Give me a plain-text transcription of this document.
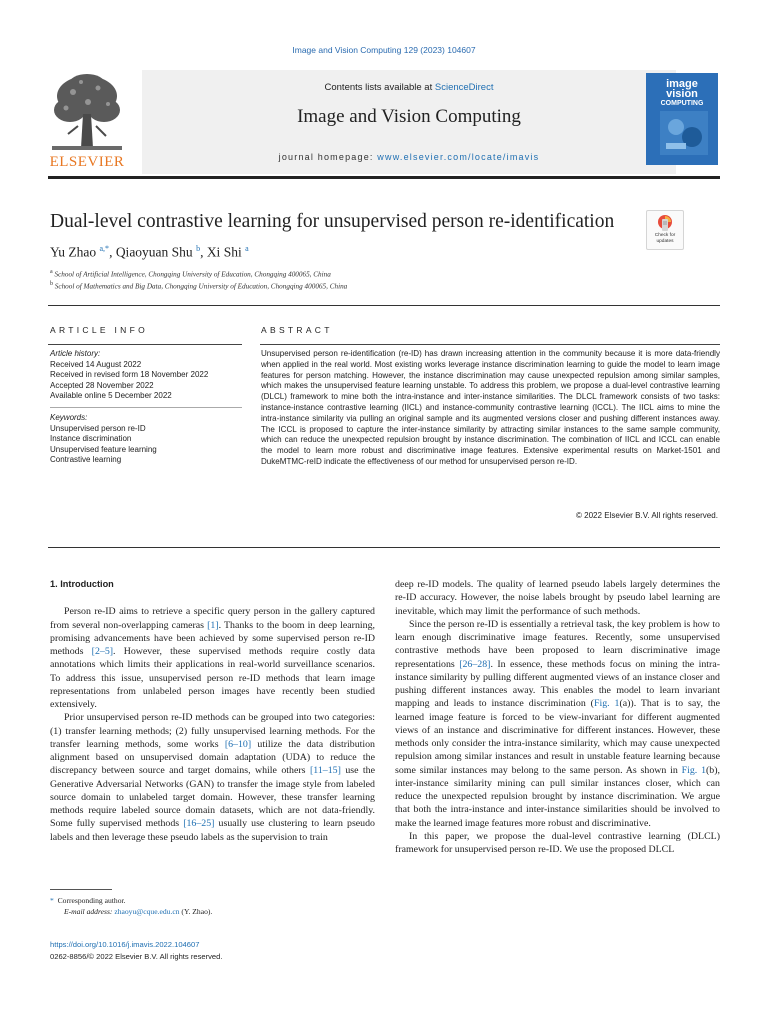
Image and Vision Computing 129 (2023) 104607
ELSEVIER
Contents lists available at ScienceDirect
Image and Vision Computing
journal homepage: www.elsevier.com/locate/imavis
image
vision
COMPUTING
Dual-level contrastive learning for unsupervised person re-identification
Check for
updates
Yu Zhao $^{a,*}$, Qiaoyuan Shu $^b$, Xi Shi $^a$
$^a$ School of Artificial Intelligence, Chongqing University of Education, Chongqing 400065, China
$^b$ School of Mathematics and Big Data, Chongqing University of Education, Chongqing 400065, China
ARTICLE INFO	ABSTRACT
Article history:
Received 14 August 2022
Received in revised form 18 November 2022
Accepted 28 November 2022
Available online 5 December 2022
Keywords:
Unsupervised person re-ID
Instance discrimination
Unsupervised feature learning
Contrastive learning
Unsupervised person re-identification (re-ID) has drawn increasing attention in the community because it is more data-friendly when applied in the real world. Most existing works leverage instance discrimination learning to guide the model to learn image features for person matching. However, the instance discrimination may cause unexpected repulsion among similar samples, which makes the unsupervised feature learning unstable. To address this problem, we propose a dual-level contrastive learning (DLCL) framework to mine both the intra-instance and inter-instance similarities. The DLCL framework consists of two tasks: instance-instance contrastive learning (IICL) and instance-community contrastive learning (ICCL). The IICL aims to mine the intra-instance similarity via pulling an original sample and its augmented versions closer and pushing different instances away. The ICCL is proposed to capture the inter-instance similarity by attracting similar instances to the same sample community, which can reduce the unexpected repulsion brought by instance discrimination. The combination of IICL and ICCL can enable the model to learn more robust and discriminative image features. Extensive experimental results on Market-1501 and DukeMTMC-reID indicate the effectiveness of our method for unsupervised person re-ID.
© 2022 Elsevier B.V. All rights reserved.

1. Introduction

Person re-ID aims to retrieve a specific query person in the gallery captured from several non-overlapping cameras [1]. Thanks to the boom in deep learning, promising advancements have been achieved by some supervised person re-ID methods [2–5]. However, these supervised methods require costly data annotations which limits their applications in real-world surveillance scenarios. To address this issue, unsupervised person re-ID methods that learn image representations from unlabeled person images have recently been studied extensively.

Prior unsupervised person re-ID methods can be grouped into two categories: (1) transfer learning methods; (2) fully unsupervised learning methods. For the transfer learning methods, some works [6–10] utilize the data distribution alignment based on unsupervised domain adaptation (UDA) to reduce the discrepancy between source and target domains, while others [11–15] use the Generative Adversarial Networks (GAN) to transfer the image style from labeled source domain to unlabeled target domain. However, these transfer learning methods require labeled source domain datasets, which are not data-friendly. Some fully supervised methods [16–25] usually use clustering to learn pseudo labels and then leverage these pseudo labels as the supervision to train

deep re-ID models. The quality of learned pseudo labels largely determines the re-ID accuracy. However, the noise labels brought by pseudo label learning are inevitable, which may limit the performance of such methods.

Since the person re-ID is essentially a retrieval task, the key problem is how to learn enough discriminative image features. Recently, some unsupervised contrastive methods have been proposed to learn discriminative image representations [26–28]. In essence, these methods focus on mining the intra-instance similarity by pulling different augmented views of an instance closer and pushing different instances away. This enables the model to learn invariant mapping and leads to instance discrimination (Fig. 1(a)). That is to say, the learned image feature is forced to be view-invariant for different augmented views of an instance and discriminative for different instances. However, these methods only consider the intra-instance similarity, which may cause unexpected repulsion among similar instances and result in unstable feature learning because some similar instances may belong to the same person. As shown in Fig. 1(b), inter-instance similarity mining can pull similar instances closer, which can reduce the unexpected repulsion brought by instance discrimination. We argue that both the intra-instance and inter-instance similarities should be involved to make the learned image features more robust and discriminative.

In this paper, we propose the dual-level contrastive learning (DLCL) framework for unsupervised person re-ID. We use the proposed DLCL

* Corresponding author.
E-mail address: zhaoyu@cque.edu.cn (Y. Zhao).
https://doi.org/10.1016/j.imavis.2022.104607
0262-8856/© 2022 Elsevier B.V. All rights reserved.
